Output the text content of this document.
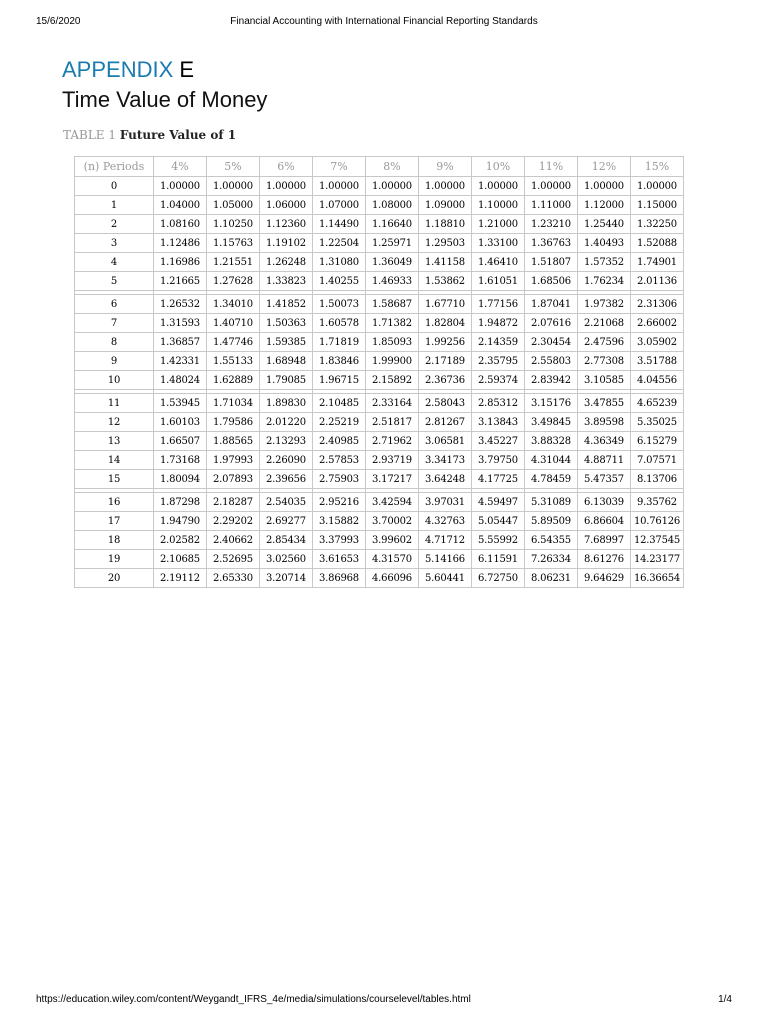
15/6/2020	Financial Accounting with International Financial Reporting Standards
APPENDIX E
Time Value of Money
TABLE 1 Future Value of 1
(n) Periods	4%	5%	6%	7%	8%	9%	10%	11%	12%	15%
0	1.00000	1.00000	1.00000	1.00000	1.00000	1.00000	1.00000	1.00000	1.00000	1.00000
1	1.04000	1.05000	1.06000	1.07000	1.08000	1.09000	1.10000	1.11000	1.12000	1.15000
2	1.08160	1.10250	1.12360	1.14490	1.16640	1.18810	1.21000	1.23210	1.25440	1.32250
3	1.12486	1.15763	1.19102	1.22504	1.25971	1.29503	1.33100	1.36763	1.40493	1.52088
4	1.16986	1.21551	1.26248	1.31080	1.36049	1.41158	1.46410	1.51807	1.57352	1.74901
5	1.21665	1.27628	1.33823	1.40255	1.46933	1.53862	1.61051	1.68506	1.76234	2.01136

6	1.26532	1.34010	1.41852	1.50073	1.58687	1.67710	1.77156	1.87041	1.97382	2.31306
7	1.31593	1.40710	1.50363	1.60578	1.71382	1.82804	1.94872	2.07616	2.21068	2.66002
8	1.36857	1.47746	1.59385	1.71819	1.85093	1.99256	2.14359	2.30454	2.47596	3.05902
9	1.42331	1.55133	1.68948	1.83846	1.99900	2.17189	2.35795	2.55803	2.77308	3.51788
10	1.48024	1.62889	1.79085	1.96715	2.15892	2.36736	2.59374	2.83942	3.10585	4.04556

11	1.53945	1.71034	1.89830	2.10485	2.33164	2.58043	2.85312	3.15176	3.47855	4.65239
12	1.60103	1.79586	2.01220	2.25219	2.51817	2.81267	3.13843	3.49845	3.89598	5.35025
13	1.66507	1.88565	2.13293	2.40985	2.71962	3.06581	3.45227	3.88328	4.36349	6.15279
14	1.73168	1.97993	2.26090	2.57853	2.93719	3.34173	3.79750	4.31044	4.88711	7.07571
15	1.80094	2.07893	2.39656	2.75903	3.17217	3.64248	4.17725	4.78459	5.47357	8.13706

16	1.87298	2.18287	2.54035	2.95216	3.42594	3.97031	4.59497	5.31089	6.13039	9.35762
17	1.94790	2.29202	2.69277	3.15882	3.70002	4.32763	5.05447	5.89509	6.86604	10.76126
18	2.02582	2.40662	2.85434	3.37993	3.99602	4.71712	5.55992	6.54355	7.68997	12.37545
19	2.10685	2.52695	3.02560	3.61653	4.31570	5.14166	6.11591	7.26334	8.61276	14.23177
20	2.19112	2.65330	3.20714	3.86968	4.66096	5.60441	6.72750	8.06231	9.64629	16.36654
https://education.wiley.com/content/Weygandt_IFRS_4e/media/simulations/courselevel/tables.html	1/4
